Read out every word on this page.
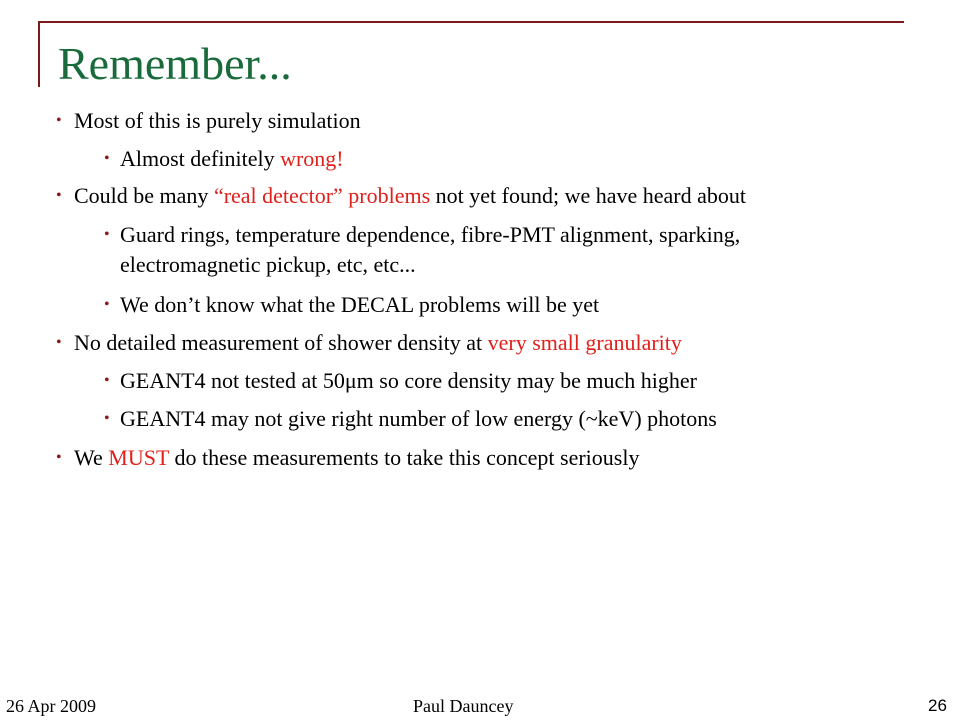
Remember...
• Most of this is purely simulation
• Almost definitely wrong!
• Could be many “real detector” problems not yet found; we have heard about
• Guard rings, temperature dependence, fibre-PMT alignment, sparking,
electromagnetic pickup, etc, etc...
• We don’t know what the DECAL problems will be yet
• No detailed measurement of shower density at very small granularity
• GEANT4 not tested at 50μm so core density may be much higher
• GEANT4 may not give right number of low energy (~keV) photons
• We MUST do these measurements to take this concept seriously
26 Apr 2009	Paul Dauncey	26
